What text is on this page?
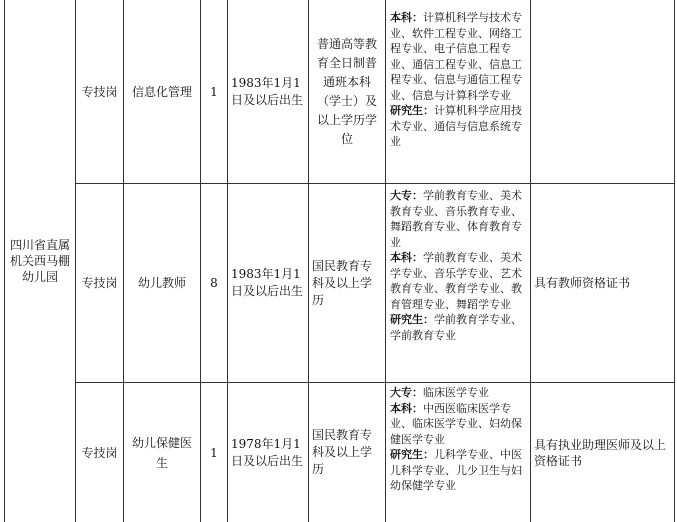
四川省直属机关西马棚幼儿园
专技岗 信息化管理 1
1983年1月1日及以后出生
普通高等教育全日制普通班本科（学士）及以上学历学位

本科：计算机科学与技术专业、软件工程专业、网络工程专业、电子信息工程专业、通信工程专业、信息工程专业、信息与通信工程专业、信息与计算科学专业

研究生：计算机科学应用技术专业、通信与信息系统专业

专技岗 幼儿教师 8
1983年1月1日及以后出生
国民教育专科及以上学历

大专：学前教育专业、美术教育专业、音乐教育专业、舞蹈教育专业、体育教育专业

本科：学前教育专业、美术学专业、音乐学专业、艺术教育专业、教育学专业、教育管理专业、舞蹈学专业

研究生：学前教育学专业、学前教育专业

具有教师资格证书
专技岗
幼儿保健医生
1
1978年1月1日及以后出生
国民教育专科及以上学历

大专：临床医学专业

本科：中西医临床医学专业、临床医学专业、妇幼保健医学专业

研究生：儿科学专业、中医儿科学专业、儿少卫生与妇幼保健学专业

具有执业助理医师及以上资格证书
